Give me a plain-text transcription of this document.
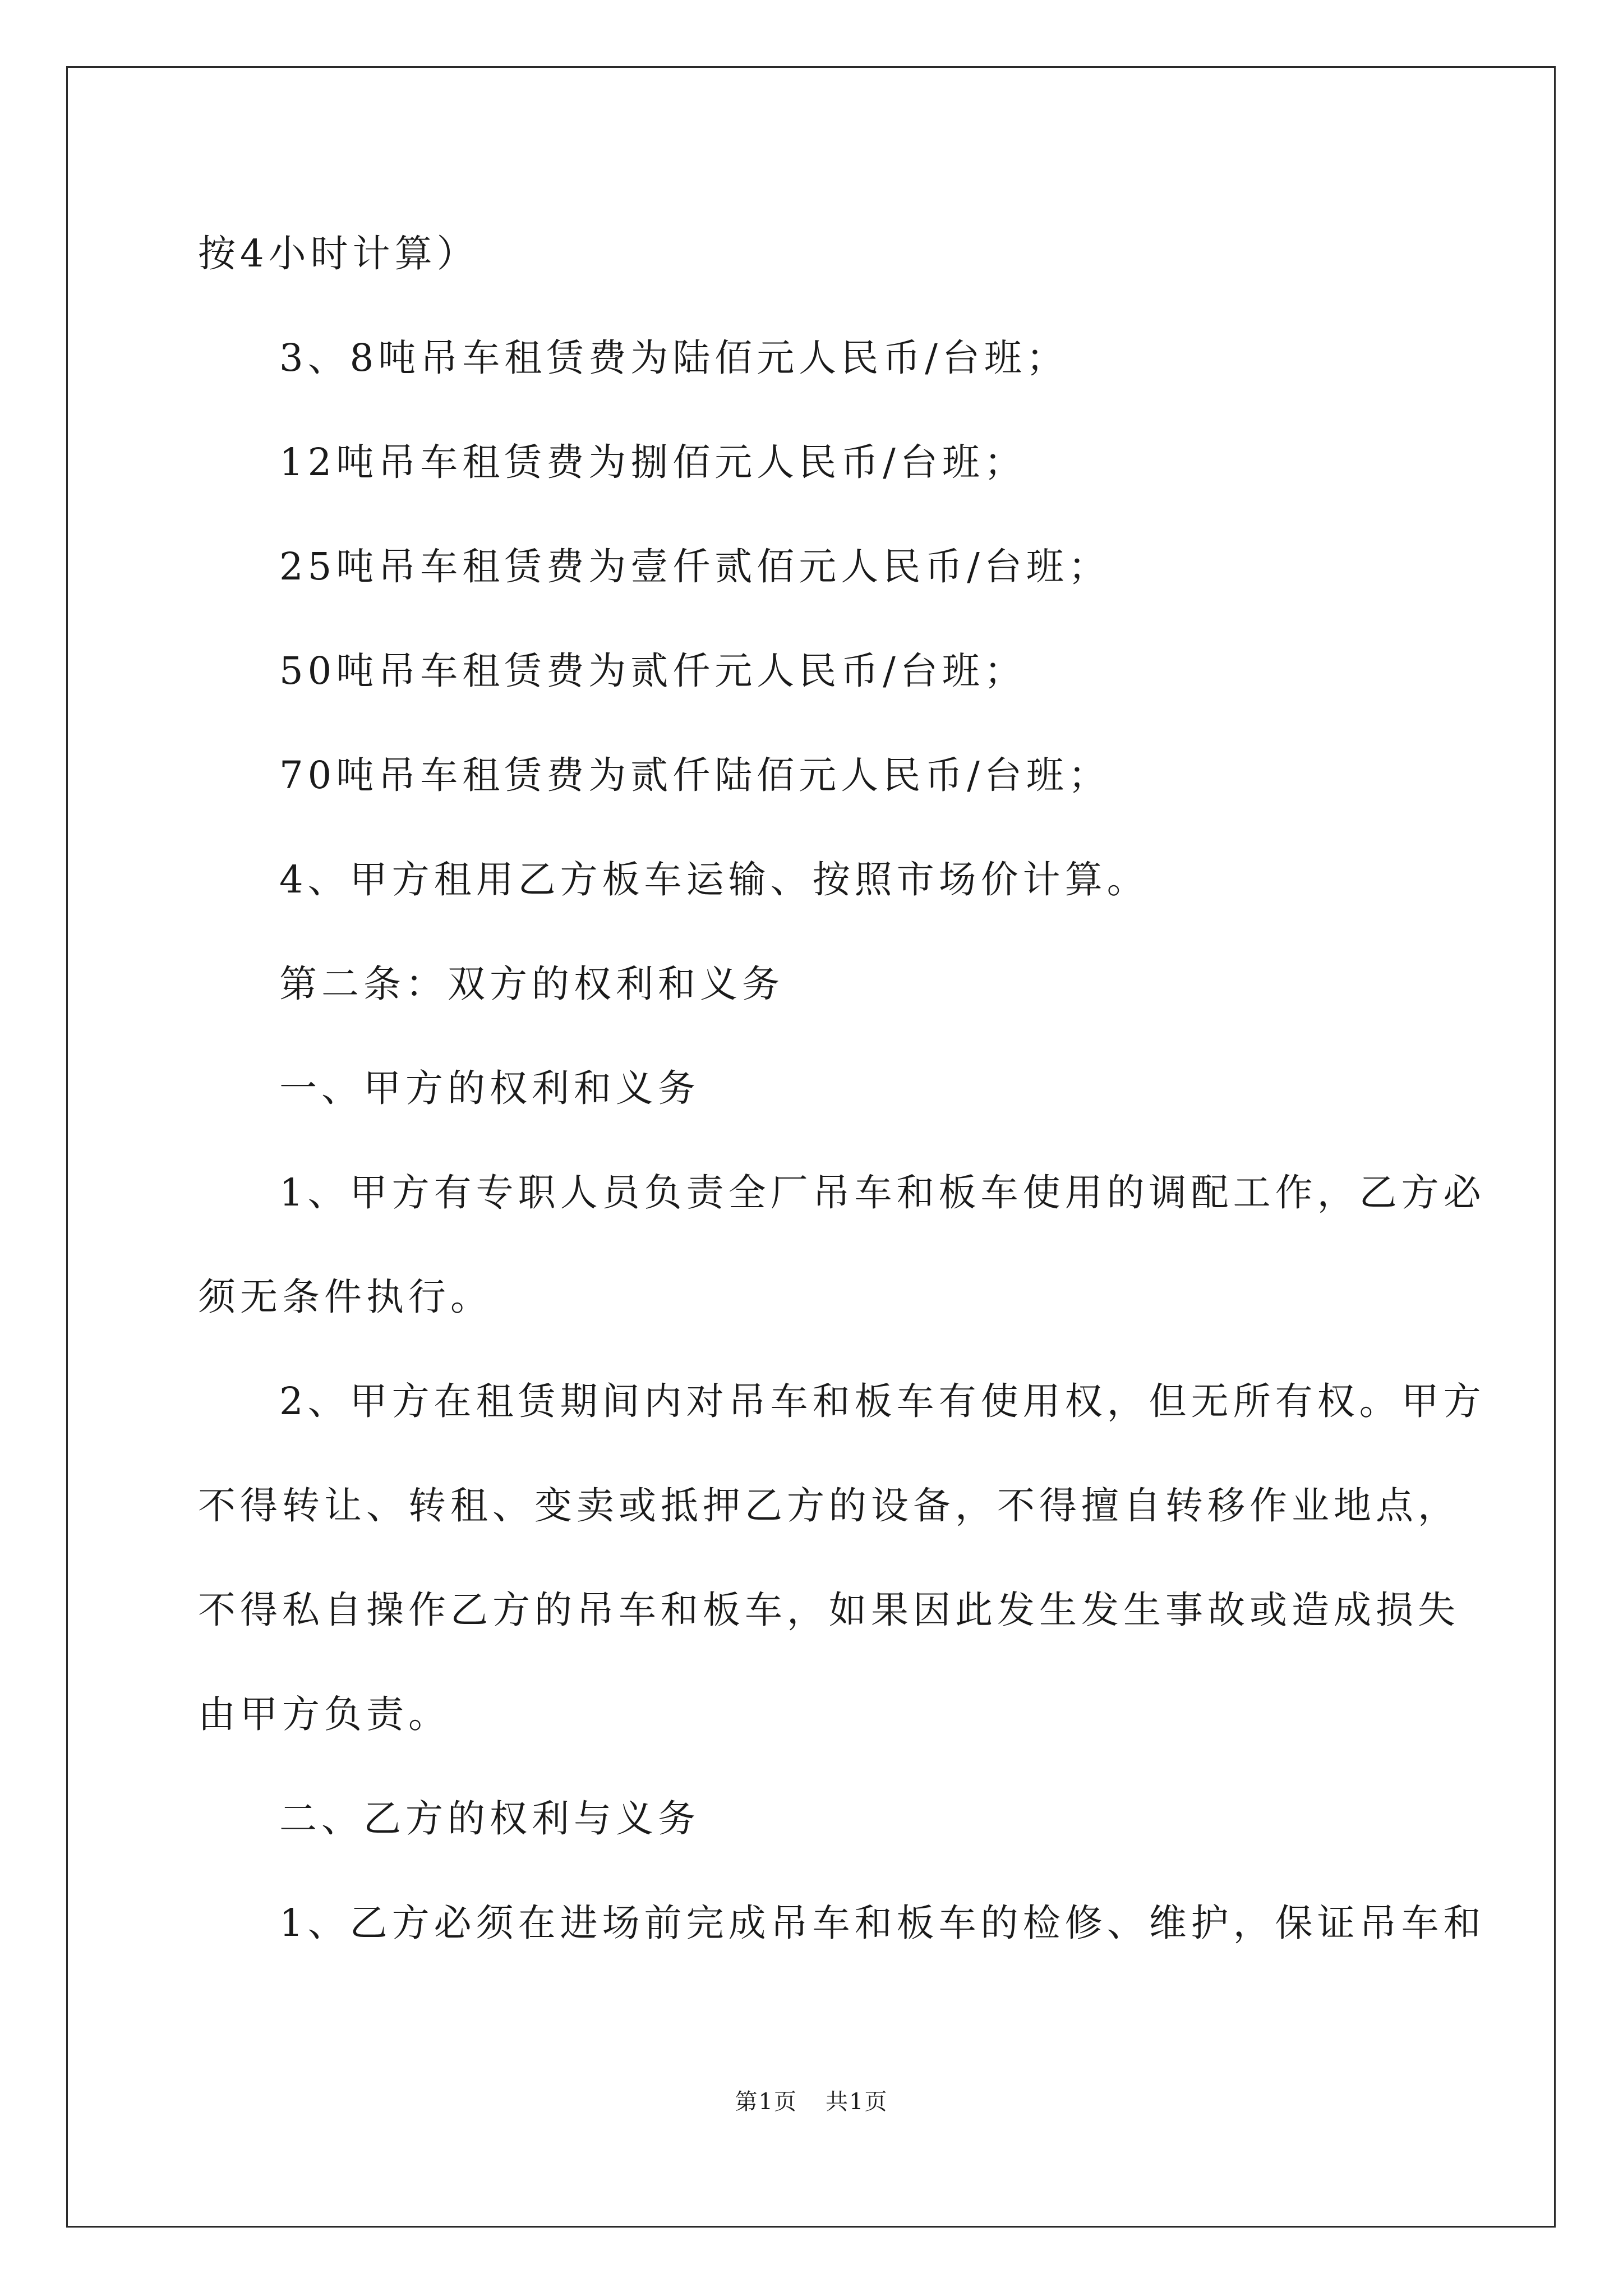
按4小时计算）
3、8吨吊车租赁费为陆佰元人民币/台班；
12吨吊车租赁费为捌佰元人民币/台班；
25吨吊车租赁费为壹仟贰佰元人民币/台班；
50吨吊车租赁费为贰仟元人民币/台班；
70吨吊车租赁费为贰仟陆佰元人民币/台班；
4、甲方租用乙方板车运输、按照市场价计算。
第二条：双方的权利和义务
一、甲方的权利和义务
1、甲方有专职人员负责全厂吊车和板车使用的调配工作，乙方必
须无条件执行。
2、甲方在租赁期间内对吊车和板车有使用权，但无所有权。甲方
不得转让、转租、变卖或抵押乙方的设备，不得擅自转移作业地点，
不得私自操作乙方的吊车和板车，如果因此发生发生事故或造成损失
由甲方负责。
二、乙方的权利与义务
1、乙方必须在进场前完成吊车和板车的检修、维护，保证吊车和
第1页 共1页
